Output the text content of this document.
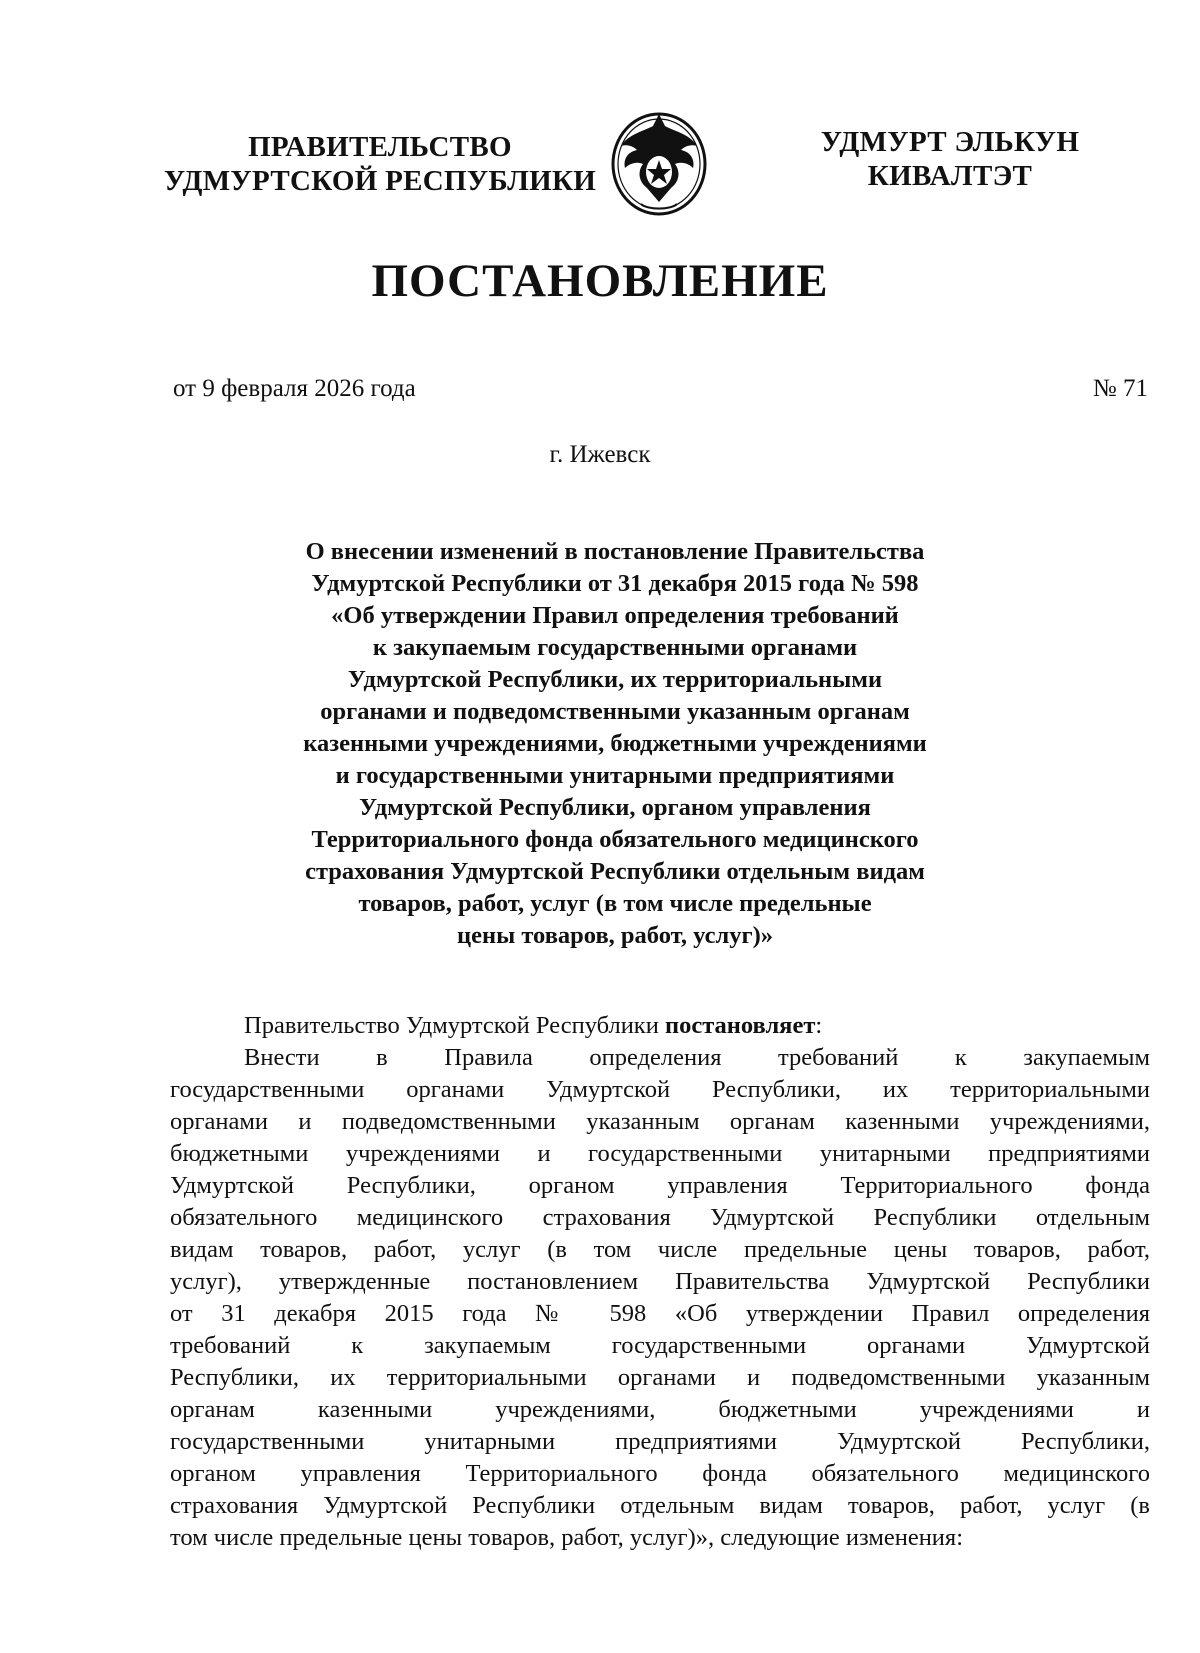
ПРАВИТЕЛЬСТВО
УДМУРТСКОЙ РЕСПУБЛИКИ
УДМУРТ ЭЛЬКУН
КИВАЛТЭТ
ПОСТАНОВЛЕНИЕ
от 9 февраля 2026 года	№ 71
г. Ижевск
О внесении изменений в постановление Правительства
Удмуртской Республики от 31 декабря 2015 года № 598
«Об утверждении Правил определения требований
к закупаемым государственными органами
Удмуртской Республики, их территориальными
органами и подведомственными указанным органам
казенными учреждениями, бюджетными учреждениями
и государственными унитарными предприятиями
Удмуртской Республики, органом управления
Территориального фонда обязательного медицинского
страхования Удмуртской Республики отдельным видам
товаров, работ, услуг (в том числе предельные
цены товаров, работ, услуг)»
Правительство Удмуртской Республики постановляет:
Внести в Правила определения требований к закупаемым
государственными органами Удмуртской Республики, их территориальными
органами и подведомственными указанным органам казенными учреждениями,
бюджетными учреждениями и государственными унитарными предприятиями
Удмуртской Республики, органом управления Территориального фонда
обязательного медицинского страхования Удмуртской Республики отдельным
видам товаров, работ, услуг (в том числе предельные цены товаров, работ,
услуг), утвержденные постановлением Правительства Удмуртской Республики
от 31 декабря 2015 года № 598 «Об утверждении Правил определения
требований к закупаемым государственными органами Удмуртской
Республики, их территориальными органами и подведомственными указанным
органам казенными учреждениями, бюджетными учреждениями и
государственными унитарными предприятиями Удмуртской Республики,
органом управления Территориального фонда обязательного медицинского
страхования Удмуртской Республики отдельным видам товаров, работ, услуг (в
том числе предельные цены товаров, работ, услуг)», следующие изменения:
